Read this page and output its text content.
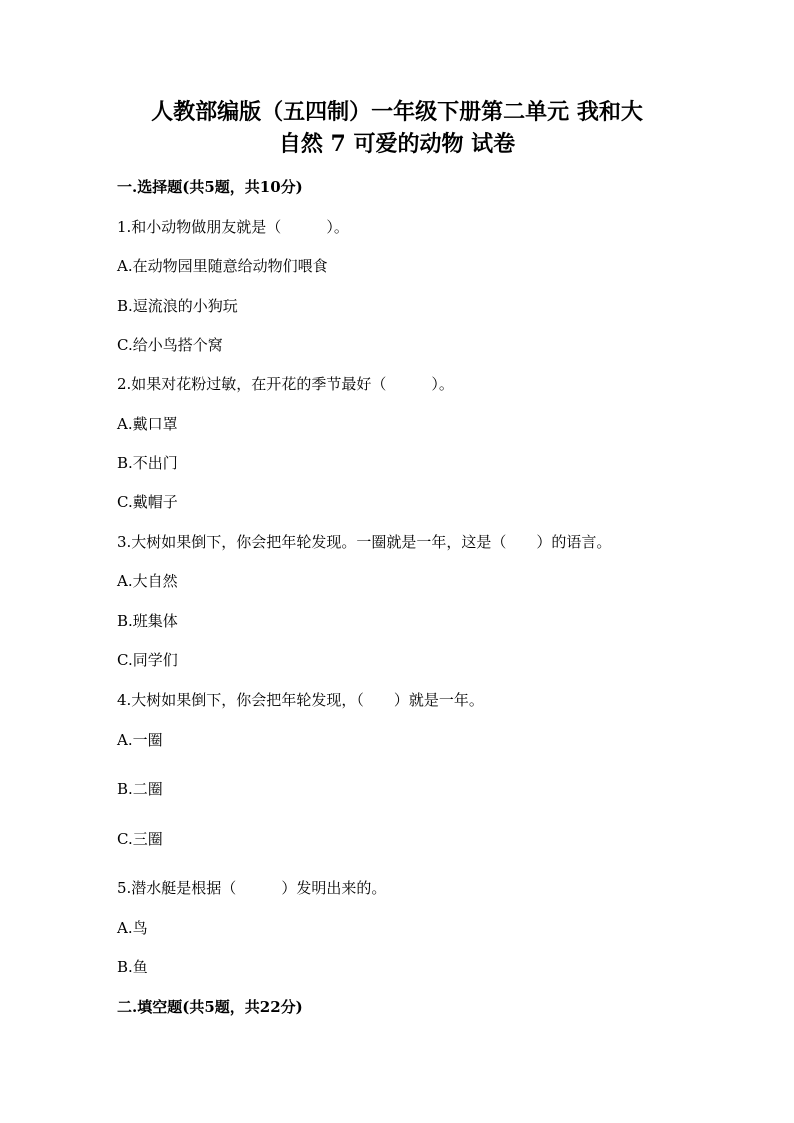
人教部编版（五四制）一年级下册第二单元 我和大
自然 7 可爱的动物 试卷
一.选择题(共5题，共10分)
1.和小动物做朋友就是（　　　）。
A.在动物园里随意给动物们喂食
B.逗流浪的小狗玩
C.给小鸟搭个窝
2.如果对花粉过敏，在开花的季节最好（　　　）。
A.戴口罩
B.不出门
C.戴帽子
3.大树如果倒下，你会把年轮发现。一圈就是一年，这是（　　）的语言。
A.大自然
B.班集体
C.同学们
4.大树如果倒下，你会把年轮发现，（　　）就是一年。
A.一圈
B.二圈
C.三圈
5.潜水艇是根据（　　　）发明出来的。
A.鸟
B.鱼
二.填空题(共5题，共22分)
